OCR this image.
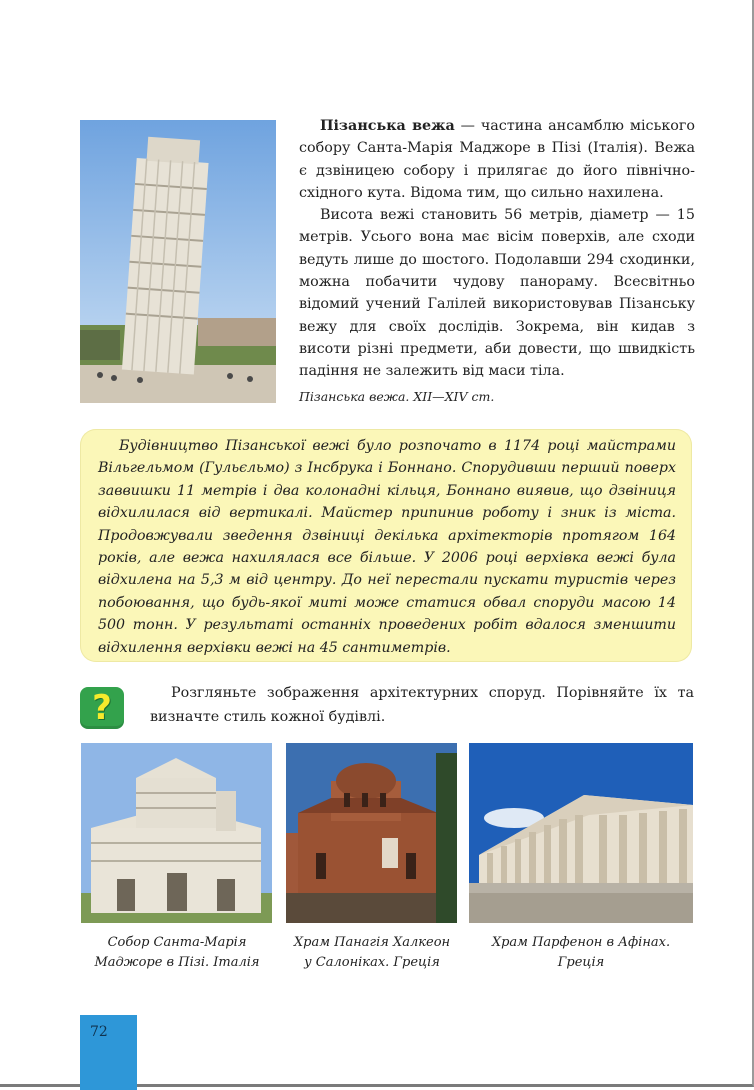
Пізанська вежа — частина ансамблю міського собору Санта-Марія Маджоре в Пізі (Італія). Вежа є дзвіницею собору і прилягає до його північно-східного кута. Відома тим, що сильно нахилена.

Висота вежі становить 56 метрів, діаметр — 15 метрів. Усього вона має вісім поверхів, але сходи ведуть лише до шостого. Подолавши 294 сходинки, можна побачити чудову панораму. Всесвітньо відомий учений Галілей використовував Пізанську вежу для своїх дослідів. Зокрема, він кидав з висоти різні предмети, аби довести, що швидкість падіння не залежить від маси тіла.

Пізанська вежа. XII—XIV ст.

Будівництво Пізанської вежі було розпочато в 1174 році майстрами Вільгельмом (Гульєльмо) з Інсбрука і Боннано. Спорудивши перший поверх заввишки 11 метрів і два колонадні кільця, Боннано виявив, що дзвіниця відхилилася від вертикалі. Майстер припинив роботу і зник із міста. Продовжували зведення дзвіниці декілька архітекторів протягом 164 років, але вежа нахилялася все більше. У 2006 році верхівка вежі була відхилена на 5,3 м від центру. До неї перестали пускати туристів через побоювання, що будь-якої миті може статися обвал споруди масою 14 500 тонн. У результаті останніх проведених робіт вдалося зменшити відхилення верхівки вежі на 45 сантиметрів.

?	Розгляньте зображення архітектурних споруд. Порівняйте їх та визначте стиль кожної будівлі.

Собор Санта-Марія
Маджоре в Пізі. Італія
Храм Панагія Халкеон
у Салоніках. Греція
Храм Парфенон в Афінах.
Греція
72
